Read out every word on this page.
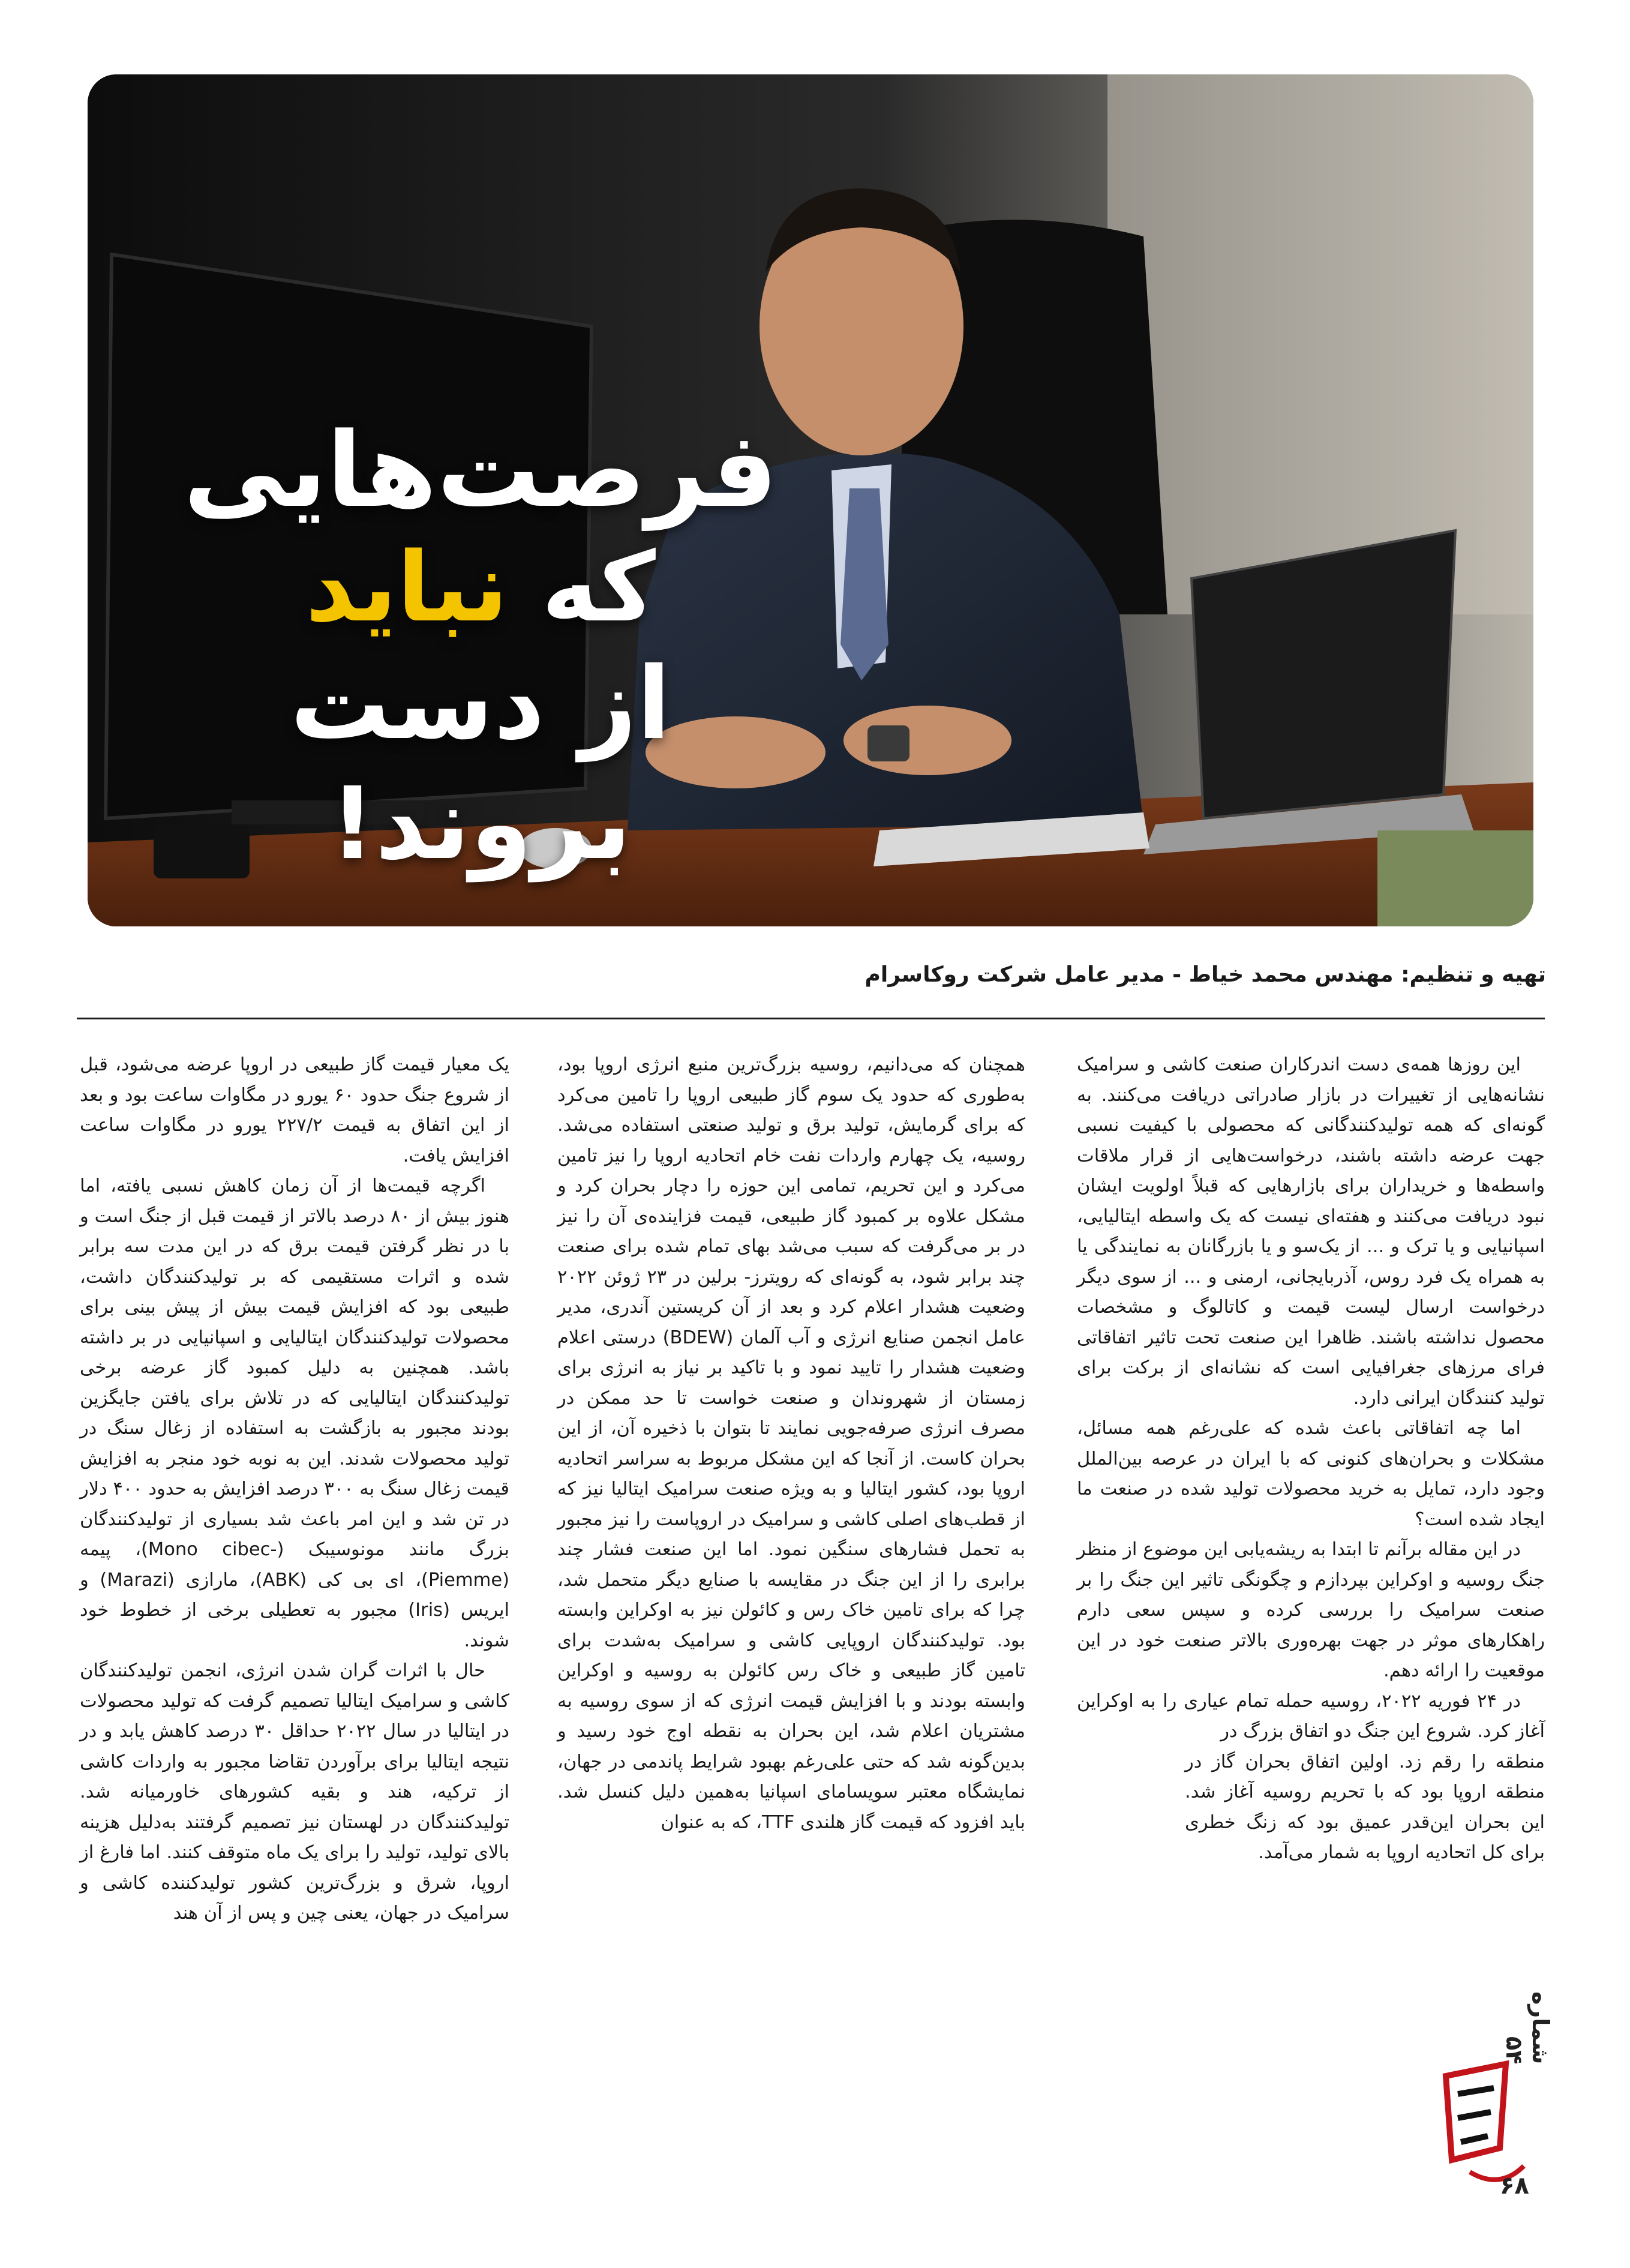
فرصت‌هایی
که نباید
از دست بروند!
تهیه و تنظیم: مهندس محمد خیاط - مدیر عامل شرکت روکاسرام

این روزها همه‌ی دست اندرکاران صنعت کاشی و سرامیک نشانه‌هایی از تغییرات در بازار صادراتی دریافت می‌کنند. به گونه‌ای که همه تولیدکنندگانی که محصولی با کیفیت نسبی جهت عرضه داشته باشند، درخواست‌هایی از قرار ملاقات واسطه‌ها و خریداران برای بازارهایی که قبلاً اولویت ایشان نبود دریافت می‌کنند و هفته‌ای نیست که یک واسطه ایتالیایی، اسپانیایی و یا ترک و ... از یک‌سو و یا بازرگانان به نمایندگی یا به همراه یک فرد روس، آذربایجانی، ارمنی و ... از سوی دیگر درخواست ارسال لیست قیمت و کاتالوگ و مشخصات محصول نداشته باشند. ظاهرا این صنعت تحت تاثیر اتفاقاتی فرای مرزهای جغرافیایی است که نشانه‌ای از برکت برای تولید کنندگان ایرانی دارد.

اما چه اتفاقاتی باعث شده که علی‌رغم همه مسائل، مشکلات و بحران‌های کنونی که با ایران در عرصه بین‌الملل وجود دارد، تمایل به خرید محصولات تولید شده در صنعت ما ایجاد شده است؟

در این مقاله برآنم تا ابتدا به ریشه‌یابی این موضوع از منظر جنگ روسیه و اوکراین بپردازم و چگونگی تاثیر این جنگ را بر صنعت سرامیک را بررسی کرده و سپس سعی دارم راهکارهای موثر در جهت بهره‌وری بالاتر صنعت خود در این موقعیت را ارائه دهم.

در ۲۴ فوریه ۲۰۲۲، روسیه حمله تمام عیاری را به اوکراین آغاز کرد. شروع این جنگ دو اتفاق بزرگ در

منطقه را رقم زد. اولین اتفاق بحران گاز در منطقه اروپا بود که با تحریم روسیه آغاز شد. این بحران این‌قدر عمیق بود که زنگ خطری برای کل اتحادیه اروپا به شمار می‌آمد.

همچنان که می‌دانیم، روسیه بزرگ‌ترین منبع انرژی اروپا بود، به‌طوری که حدود یک سوم گاز طبیعی اروپا را تامین می‌کرد که برای گرمایش، تولید برق و تولید صنعتی استفاده می‌شد. روسیه، یک چهارم واردات نفت خام اتحادیه اروپا را نیز تامین می‌کرد و این تحریم، تمامی این حوزه را دچار بحران کرد و مشکل علاوه بر کمبود گاز طبیعی، قیمت فزاینده‌ی آن را نیز در بر می‌گرفت که سبب می‌شد بهای تمام شده برای صنعت چند برابر شود، به گونه‌ای که رویترز- برلین در ۲۳ ژوئن ۲۰۲۲ وضعیت هشدار اعلام کرد و بعد از آن کریستین آندری، مدیر عامل انجمن صنایع انرژی و آب آلمان (BDEW) درستی اعلام وضعیت هشدار را تایید نمود و با تاکید بر نیاز به انرژی برای زمستان از شهروندان و صنعت خواست تا حد ممکن در مصرف انرژی صرفه‌جویی نمایند تا بتوان با ذخیره آن، از این بحران کاست. از آنجا که این مشکل مربوط به سراسر اتحادیه اروپا بود، کشور ایتالیا و به ویژه صنعت سرامیک ایتالیا نیز که از قطب‌های اصلی کاشی و سرامیک در اروپاست را نیز مجبور به تحمل فشارهای سنگین نمود. اما این صنعت فشار چند برابری را از این جنگ در مقایسه با صنایع دیگر متحمل شد، چرا که برای تامین خاک رس و کائولن نیز به اوکراین وابسته بود. تولیدکنندگان اروپایی کاشی و سرامیک به‌شدت برای تامین گاز طبیعی و خاک رس کائولن به روسیه و اوکراین وابسته بودند و با افزایش قیمت انرژی که از سوی روسیه به مشتریان اعلام شد، این بحران به نقطه اوج خود رسید و بدین‌گونه شد که حتی علی‌رغم بهبود شرایط پاندمی در جهان، نمایشگاه معتبر سویسامای اسپانیا به‌همین دلیل کنسل شد. باید افزود که قیمت گاز هلندی TTF، که به عنوان

یک معیار قیمت گاز طبیعی در اروپا عرضه می‌شود، قبل از شروع جنگ حدود ۶۰ یورو در مگاوات ساعت بود و بعد از این اتفاق به قیمت ۲۲۷/۲ یورو در مگاوات ساعت افزایش یافت.

اگرچه قیمت‌ها از آن زمان کاهش نسبی یافته، اما هنوز بیش از ۸۰ درصد بالاتر از قیمت قبل از جنگ است و با در نظر گرفتن قیمت برق که در این مدت سه برابر شده و اثرات مستقیمی که بر تولیدکنندگان داشت، طبیعی بود که افزایش قیمت بیش از پیش بینی برای محصولات تولیدکنندگان ایتالیایی و اسپانیایی در بر داشته باشد. همچنین به دلیل کمبود گاز عرضه برخی تولیدکنندگان ایتالیایی که در تلاش برای یافتن جایگزین بودند مجبور به بازگشت به استفاده از زغال سنگ در تولید محصولات شدند. این به نوبه خود منجر به افزایش قیمت زغال سنگ به ۳۰۰ درصد افزایش به حدود ۴۰۰ دلار در تن شد و این امر باعث شد بسیاری از تولیدکنندگان بزرگ مانند مونوسیبک (-Mono cibec)، پیمه (Piemme)، ای بی کی (ABK)، مارازی (Marazi) و ایریس (Iris) مجبور به تعطیلی برخی از خطوط خود شوند.

حال با اثرات گران شدن انرژی، انجمن تولیدکنندگان کاشی و سرامیک ایتالیا تصمیم گرفت که تولید محصولات در ایتالیا در سال ۲۰۲۲ حداقل ۳۰ درصد کاهش یابد و در نتیجه ایتالیا برای برآوردن تقاضا مجبور به واردات کاشی از ترکیه، هند و بقیه کشورهای خاورمیانه شد. تولیدکنندگان در لهستان نیز تصمیم گرفتند به‌دلیل هزینه بالای تولید، تولید را برای یک ماه متوقف کنند. اما فارغ از اروپا، شرق و بزرگ‌ترین کشور تولیدکننده کاشی و سرامیک در جهان، یعنی چین و پس از آن هند

شماره ۵۴
۶۸
